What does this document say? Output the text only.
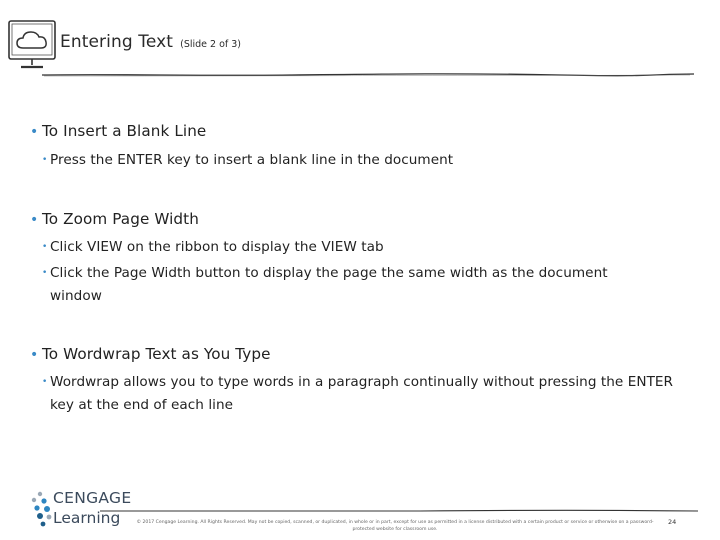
Entering Text (Slide 2 of 3)
• To Insert a Blank Line
• Press the ENTER key to insert a blank line in the document
• To Zoom Page Width
• Click VIEW on the ribbon to display the VIEW tab
• Click the Page Width button to display the page the same width as the document window
• To Wordwrap Text as You Type
• Wordwrap allows you to type words in a paragraph continually without pressing the ENTER key at the end of each line
CENGAGE
Learning	© 2017 Cengage Learning. All Rights Reserved. May not be copied, scanned, or duplicated, in whole or in part, except for use as permitted in a license distributed with a certain product or service or otherwise on a password-protected website for classroom use.
24
